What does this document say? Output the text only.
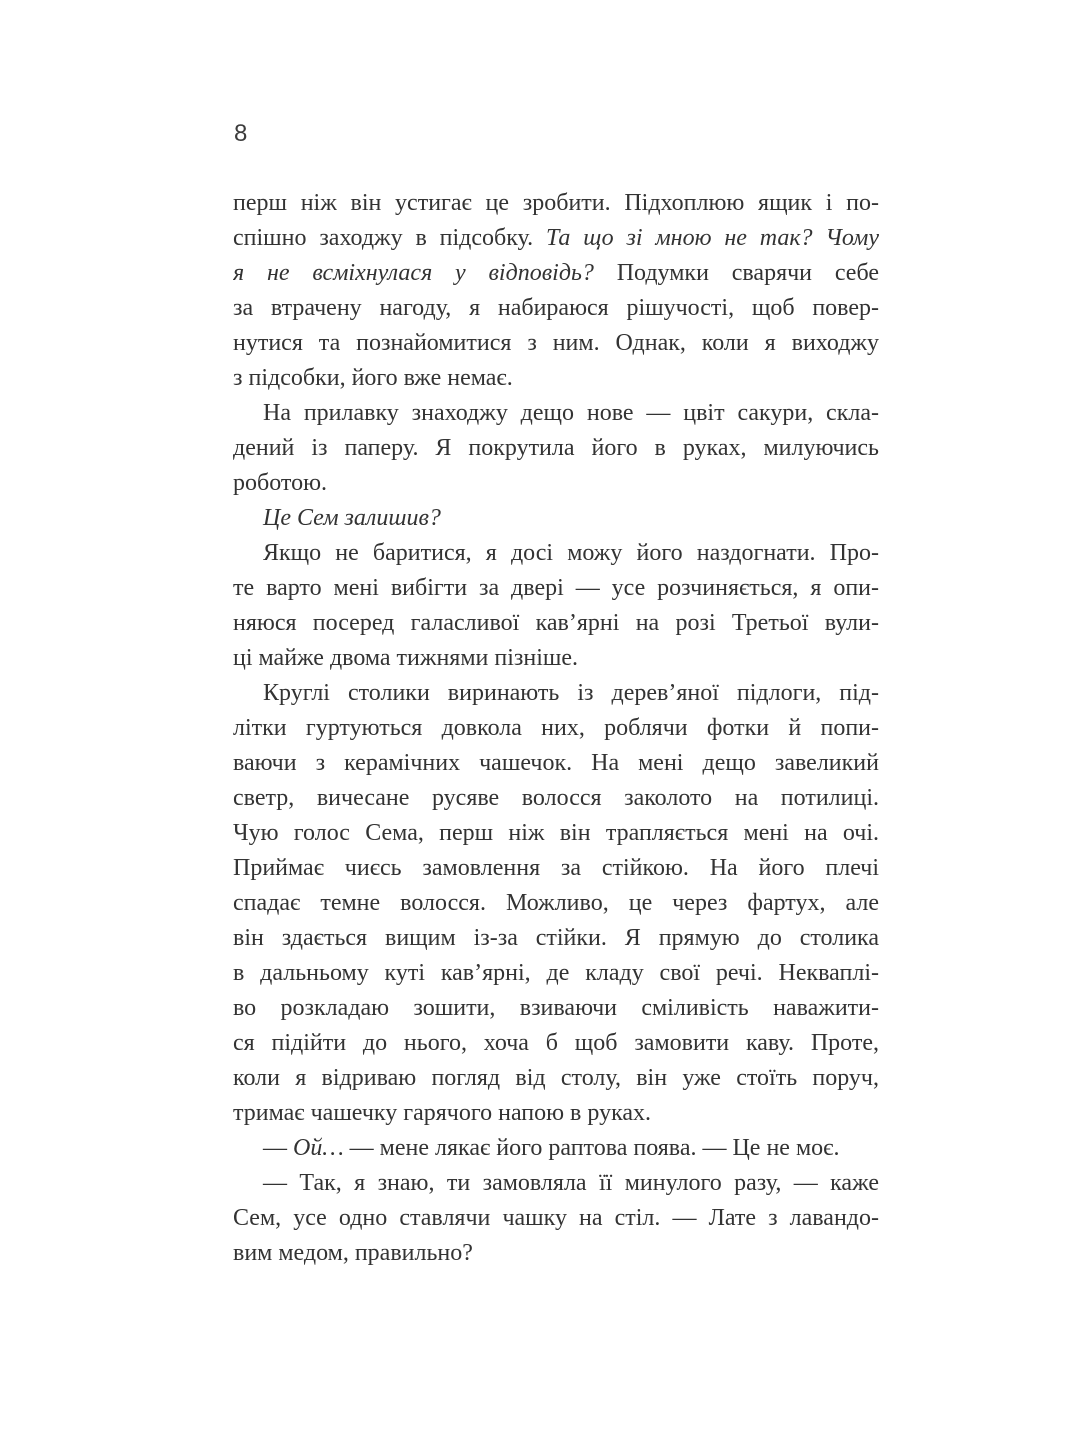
8
перш ніж він устигає це зробити. Підхоплюю ящик і по-
спішно заходжу в підсобку. Та що зі мною не так? Чому
я не всміхнулася у відповідь? Подумки сварячи себе
за втрачену нагоду, я набираюся рішучості, щоб повер-
нутися та познайомитися з ним. Однак, коли я виходжу
з підсобки, його вже немає.
На прилавку знаходжу дещо нове — цвіт сакури, скла-
дений із паперу. Я покрутила його в руках, милуючись
роботою.
Це Сем залишив?
Якщо не баритися, я досі можу його наздогнати. Про-
те варто мені вибігти за двері — усе розчиняється, я опи-
няюся посеред галасливої кав’ярні на розі Третьої вули-
ці майже двома тижнями пізніше.
Круглі столики виринають із дерев’яної підлоги, під-
літки гуртуються довкола них, роблячи фотки й попи-
ваючи з керамічних чашечок. На мені дещо завеликий
светр, вичесане русяве волосся заколото на потилиці.
Чую голос Сема, перш ніж він трапляється мені на очі.
Приймає чиєсь замовлення за стійкою. На його плечі
спадає темне волосся. Можливо, це через фартух, але
він здається вищим із-за стійки. Я прямую до столика
в дальньому куті кав’ярні, де кладу свої речі. Некваплі-
во розкладаю зошити, взиваючи сміливість наважити-
ся підійти до нього, хоча б щоб замовити каву. Проте,
коли я відриваю погляд від столу, він уже стоїть поруч,
тримає чашечку гарячого напою в руках.
— Ой… — мене лякає його раптова поява. — Це не моє.
— Так, я знаю, ти замовляла її минулого разу, — каже
Сем, усе одно ставлячи чашку на стіл. — Лате з лавандо-
вим медом, правильно?
